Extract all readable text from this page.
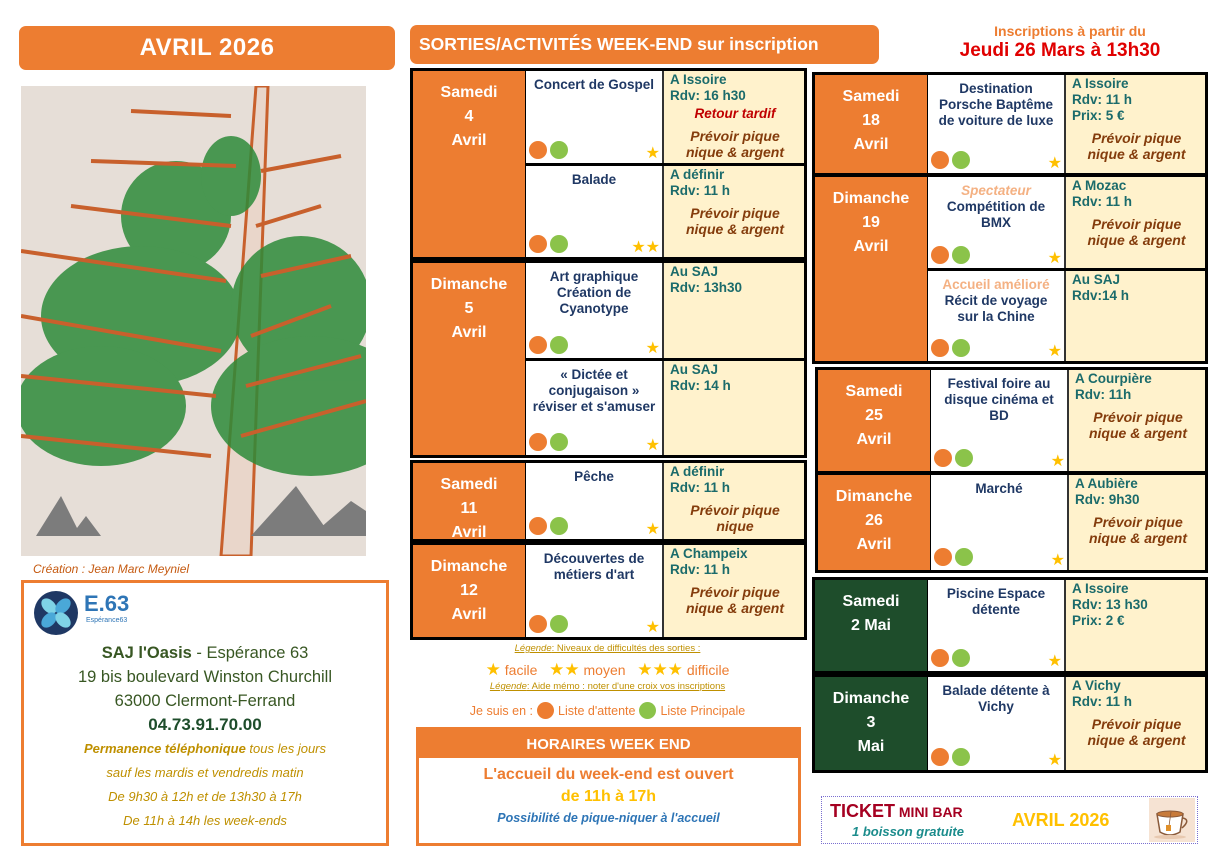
AVRIL 2026
Création : Jean Marc Meyniel
E.63
Espérance63
SAJ l'Oasis - Espérance 63
19 bis boulevard Winston Churchill
63000 Clermont-Ferrand
04.73.91.70.00
Permanence téléphonique tous les jours
sauf les mardis et vendredis matin
De 9h30 à 12h et de 13h30 à 17h
De 11h à 14h les week-ends
SORTIES/ACTIVITÉS WEEK-END sur inscription
Inscriptions à partir du
Jeudi 26 Mars à 13h30
Samedi
4
Avril
Concert de Gospel
★
A Issoire
Rdv: 16 h30
Retour tardif
Prévoir pique nique & argent
Balade
★★
A définir
Rdv: 11 h
Prévoir pique nique & argent
Dimanche
5
Avril
Art graphique Création de Cyanotype
★
Au SAJ
Rdv: 13h30
« Dictée et conjugaison » réviser et s'amuser
★
Au SAJ
Rdv: 14 h
Samedi
11
Avril
Pêche
★
A définir
Rdv: 11 h
Prévoir pique nique
Dimanche
12
Avril
Découvertes de métiers d'art
★
A Champeix
Rdv: 11 h
Prévoir pique nique & argent
Samedi
18
Avril
Destination Porsche Baptême de voiture de luxe
★
A Issoire
Rdv: 11 h
Prix: 5 €
Prévoir pique nique & argent
Dimanche
19
Avril
Spectateur
Compétition de BMX
★
A Mozac
Rdv: 11 h
Prévoir pique nique & argent
Accueil amélioré
Récit de voyage sur la Chine
★
Au SAJ
Rdv:14 h
Samedi
25
Avril
Festival foire au disque cinéma et BD
★
A Courpière
Rdv: 11h
Prévoir pique nique & argent
Dimanche
26
Avril
Marché
★
A Aubière
Rdv: 9h30
Prévoir pique nique & argent
Samedi
2 Mai
Piscine Espace détente
★
A Issoire
Rdv: 13 h30
Prix: 2 €
Dimanche
3
Mai
Balade détente à Vichy
★
A Vichy
Rdv: 11 h
Prévoir pique nique & argent
Légende: Niveaux de difficultés des sorties :
★ facile ★★ moyen ★★★ difficile
Légende: Aide mémo : noter d'une croix vos inscriptions
Je suis en : Liste d'attente Liste Principale
HORAIRES WEEK END
L'accueil du week-end est ouvert
de 11h à 17h
Possibilité de pique-niquer à l'accueil	TICKET MINI BAR
1 boisson gratuite
AVRIL 2026
